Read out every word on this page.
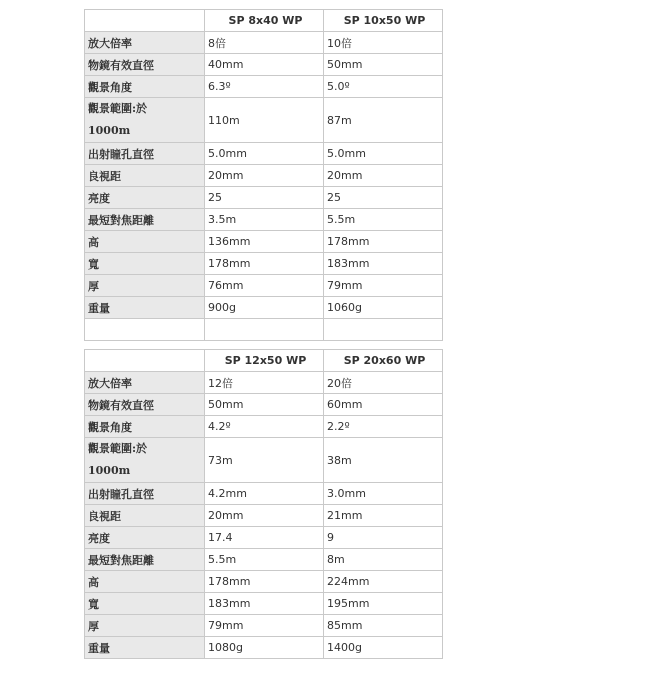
	SP 8x40 WP	SP 10x50 WP
放大倍率	8倍	10倍
物鏡有效直徑	40mm	50mm
觀景角度	6.3º	5.0º
觀景範圍:於
1000m	110m	87m
出射瞳孔直徑	5.0mm	5.0mm
良視距	20mm	20mm
亮度	25	25
最短對焦距離	3.5m	5.5m
高	136mm	178mm
寬	178mm	183mm
厚	76mm	79mm
重量	900g	1060g

	SP 12x50 WP	SP 20x60 WP
放大倍率	12倍	20倍
物鏡有效直徑	50mm	60mm
觀景角度	4.2º	2.2º
觀景範圍:於
1000m	73m	38m
出射瞳孔直徑	4.2mm	3.0mm
良視距	20mm	21mm
亮度	17.4	9
最短對焦距離	5.5m	8m
高	178mm	224mm
寬	183mm	195mm
厚	79mm	85mm
重量	1080g	1400g
